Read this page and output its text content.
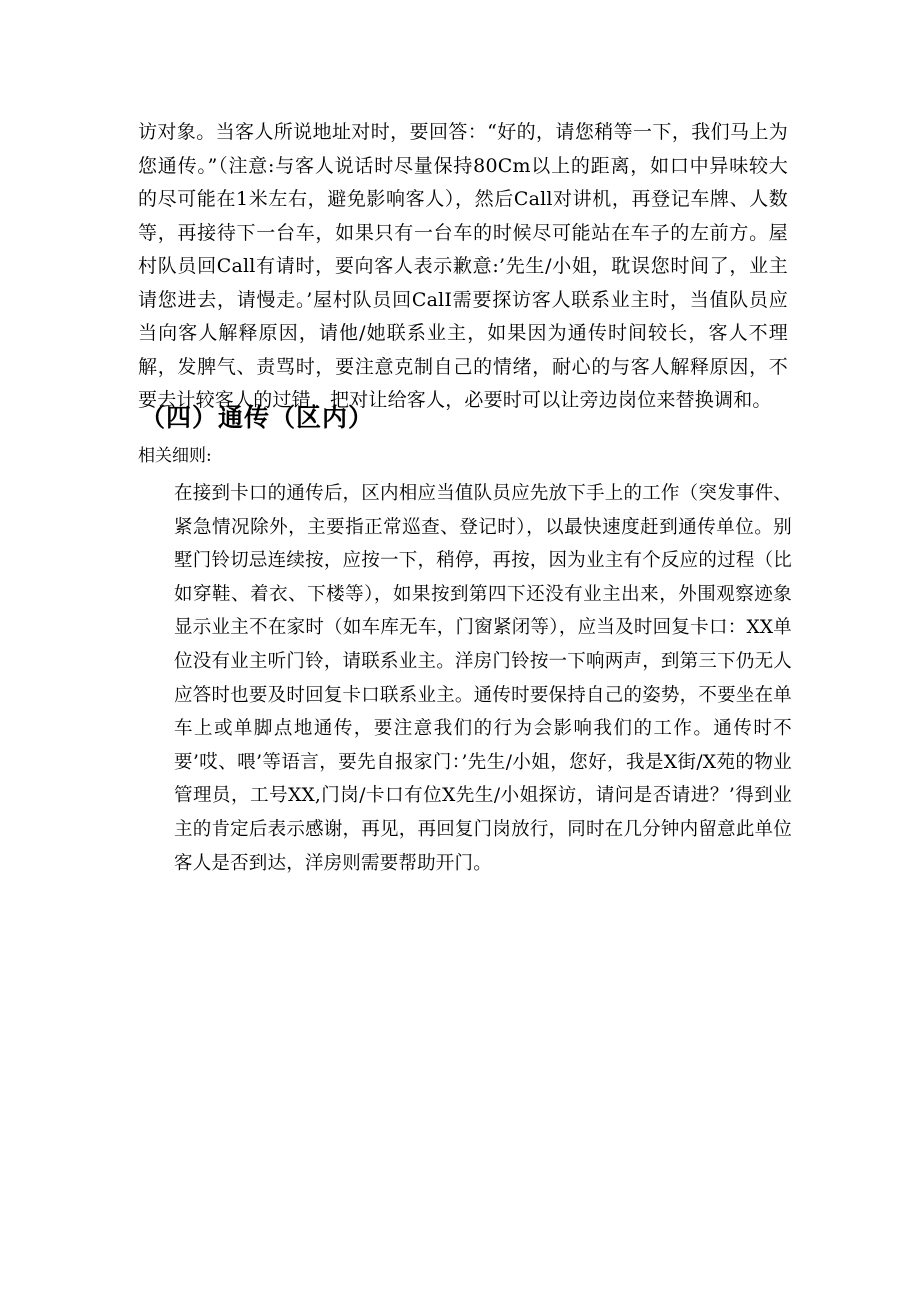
访对象。当客人所说地址对时，要回答：“好的，请您稍等一下，我们马上为您通传。”（注意:与客人说话时尽量保持80Cm以上的距离，如口中异味较大的尽可能在1米左右，避免影响客人），然后Call对讲机，再登记车牌、人数等，再接待下一台车，如果只有一台车的时候尽可能站在车子的左前方。屋村队员回Call有请时，要向客人表示歉意:’先生/小姐，耽误您时间了，业主请您进去，请慢走。’屋村队员回CalI需要探访客人联系业主时，当值队员应当向客人解释原因，请他/她联系业主，如果因为通传时间较长，客人不理解，发脾气、责骂时，要注意克制自己的情绪，耐心的与客人解释原因，不要去计较客人的过错，把对让给客人，必要时可以让旁边岗位来替换调和。

（四）通传（区内）

相关细则:

在接到卡口的通传后，区内相应当值队员应先放下手上的工作（突发事件、紧急情况除外，主要指正常巡查、登记时），以最快速度赶到通传单位。别墅门铃切忌连续按，应按一下，稍停，再按，因为业主有个反应的过程（比如穿鞋、着衣、下楼等），如果按到第四下还没有业主出来，外围观察迹象显示业主不在家时（如车库无车，门窗紧闭等），应当及时回复卡口：XX单位没有业主听门铃，请联系业主。洋房门铃按一下响两声，到第三下仍无人应答时也要及时回复卡口联系业主。通传时要保持自己的姿势，不要坐在单车上或单脚点地通传，要注意我们的行为会影响我们的工作。通传时不要’哎、喂’等语言，要先自报家门：’先生/小姐，您好，我是X街/X苑的物业管理员，工号XX,门岗/卡口有位X先生/小姐探访，请问是否请进？’得到业主的肯定后表示感谢，再见，再回复门岗放行，同时在几分钟内留意此单位客人是否到达，洋房则需要帮助开门。
